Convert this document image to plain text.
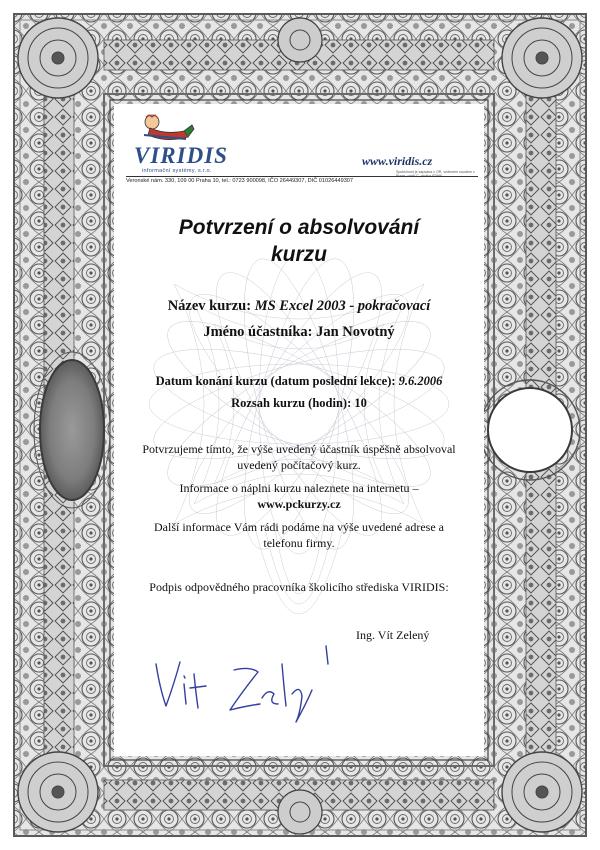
VIRIDIS
informační systémy, s.r.o.
www.viridis.cz
Společnost je zapsána v OR, vedeném soudem v Praze, oddíl C, vložka 82996
Veronské nám. 330, 109 00 Praha 10, tel.: 0723 900098, IČO 26449307, DIČ 01026449307
Potvrzení o absolvování
kurzu
Název kurzu: MS Excel 2003 - pokračovací
Jméno účastníka: Jan Novotný
Datum konání kurzu (datum poslední lekce): 9.6.2006
Rozsah kurzu (hodin): 10
Potvrzujeme tímto, že výše uvedený účastník úspěšně absolvoval uvedený počítačový kurz.
Informace o náplni kurzu naleznete na internetu –
www.pckurzy.cz
Další informace Vám rádi podáme na výše uvedené adrese a telefonu firmy.
Podpis odpovědného pracovníka školicího střediska VIRIDIS:
Ing. Vít Zelený
